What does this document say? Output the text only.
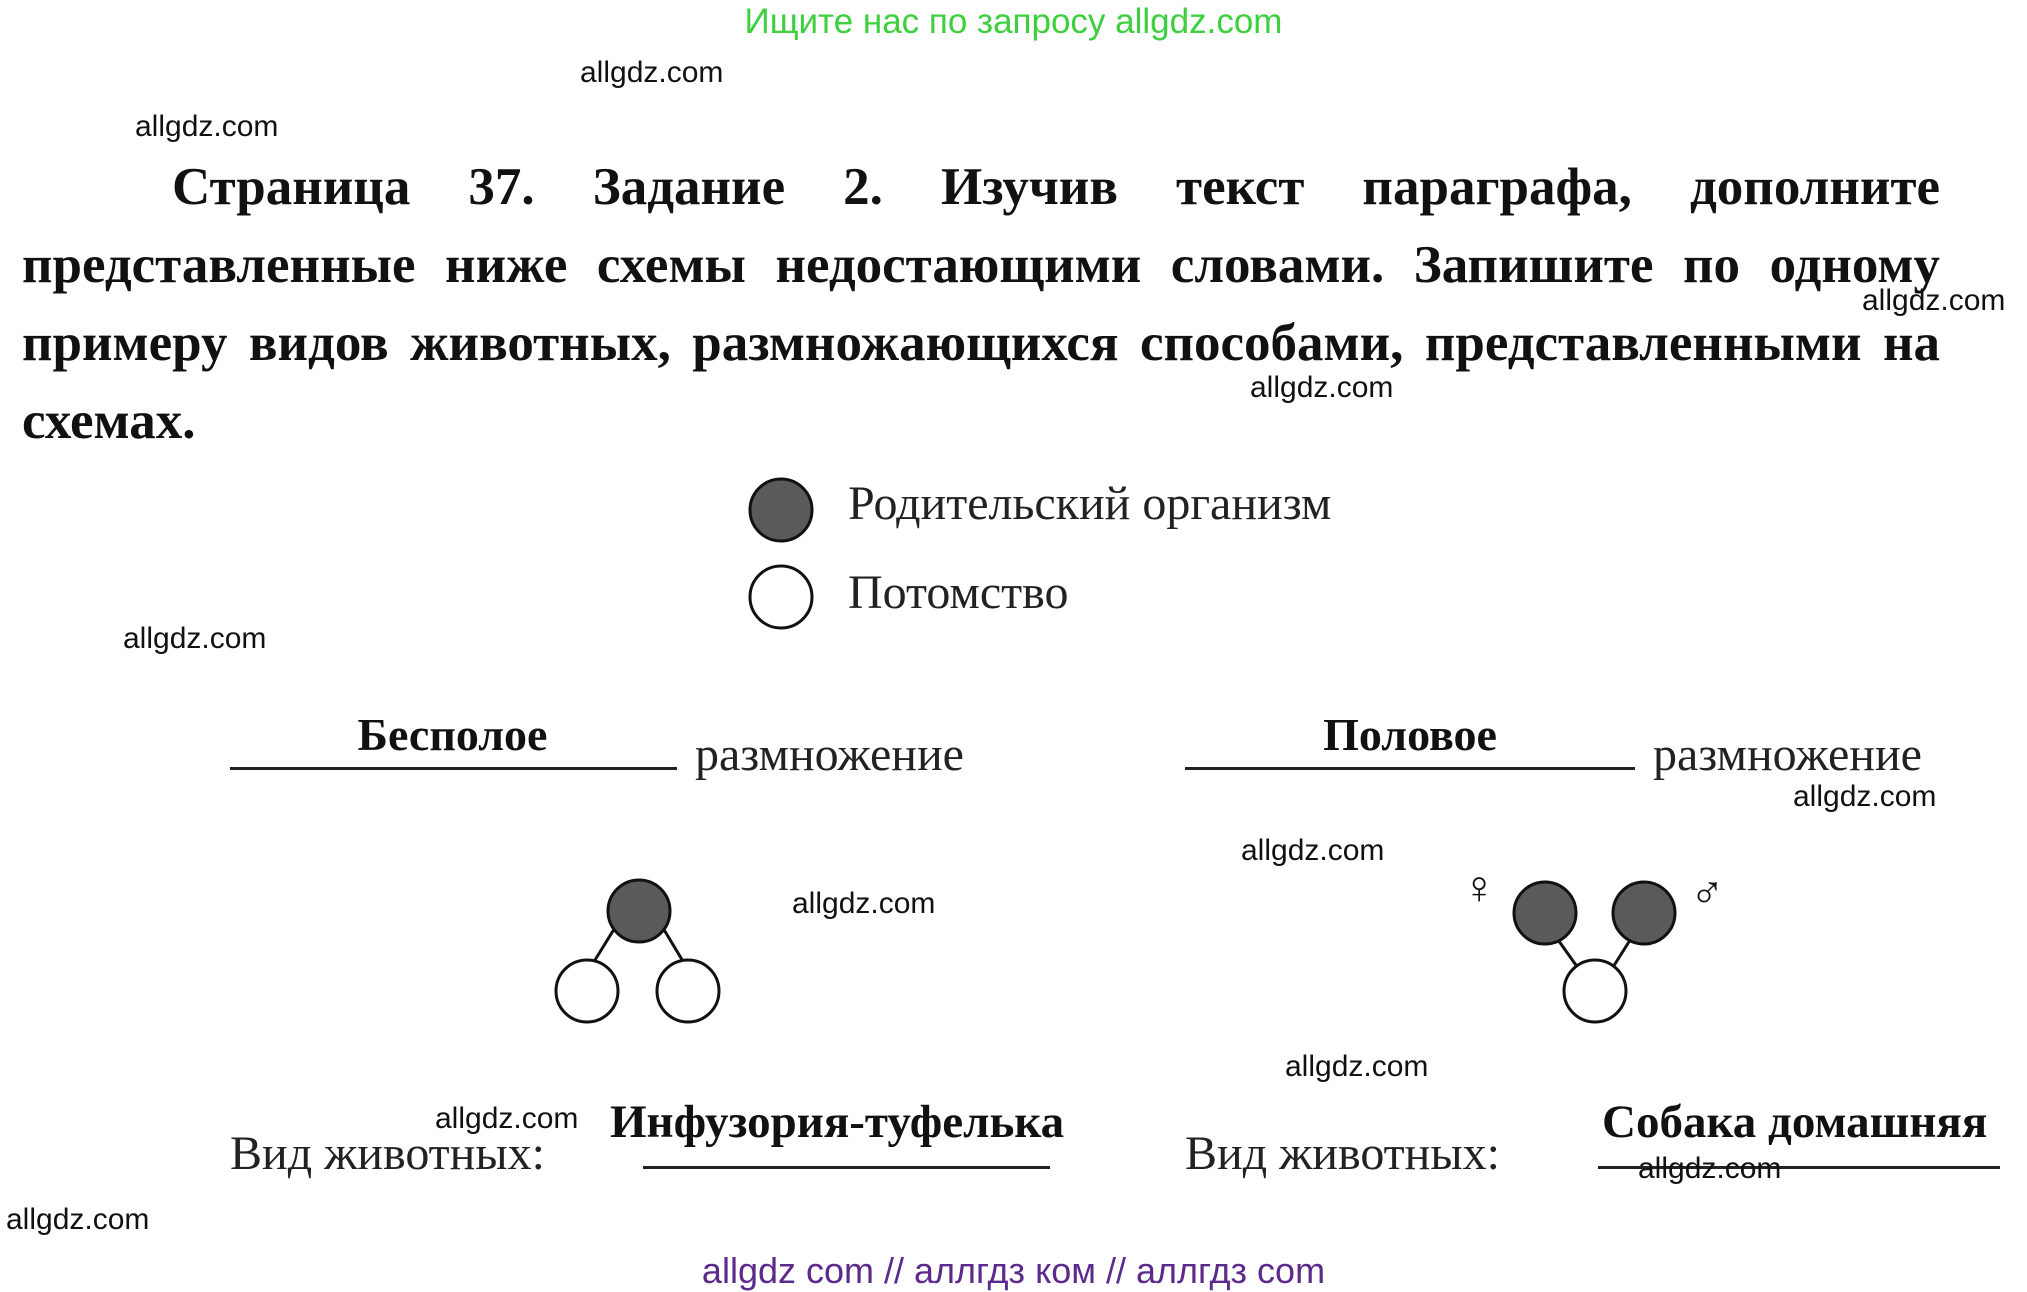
Ищите нас по запросу allgdz.com
allgdz.com
allgdz.com

Страница 37. Задание 2. Изучив текст параграфа, дополните представленные ниже схемы недостающими словами. Запишите по одному примеру видов животных, размножающихся способами, представленными на схемах.

allgdz.com
allgdz.com
Родительский организм
Потомство
allgdz.com
Бесполое	размножение	Половое	размножение
allgdz.com
allgdz.com
allgdz.com	♀	♂
allgdz.com
allgdz.com Инфузория-туфелька
Вид животных:
Собака домашняя
Вид животных:	allgdz.com
allgdz.com
allgdz com // аллгдз ком // аллгдз com
